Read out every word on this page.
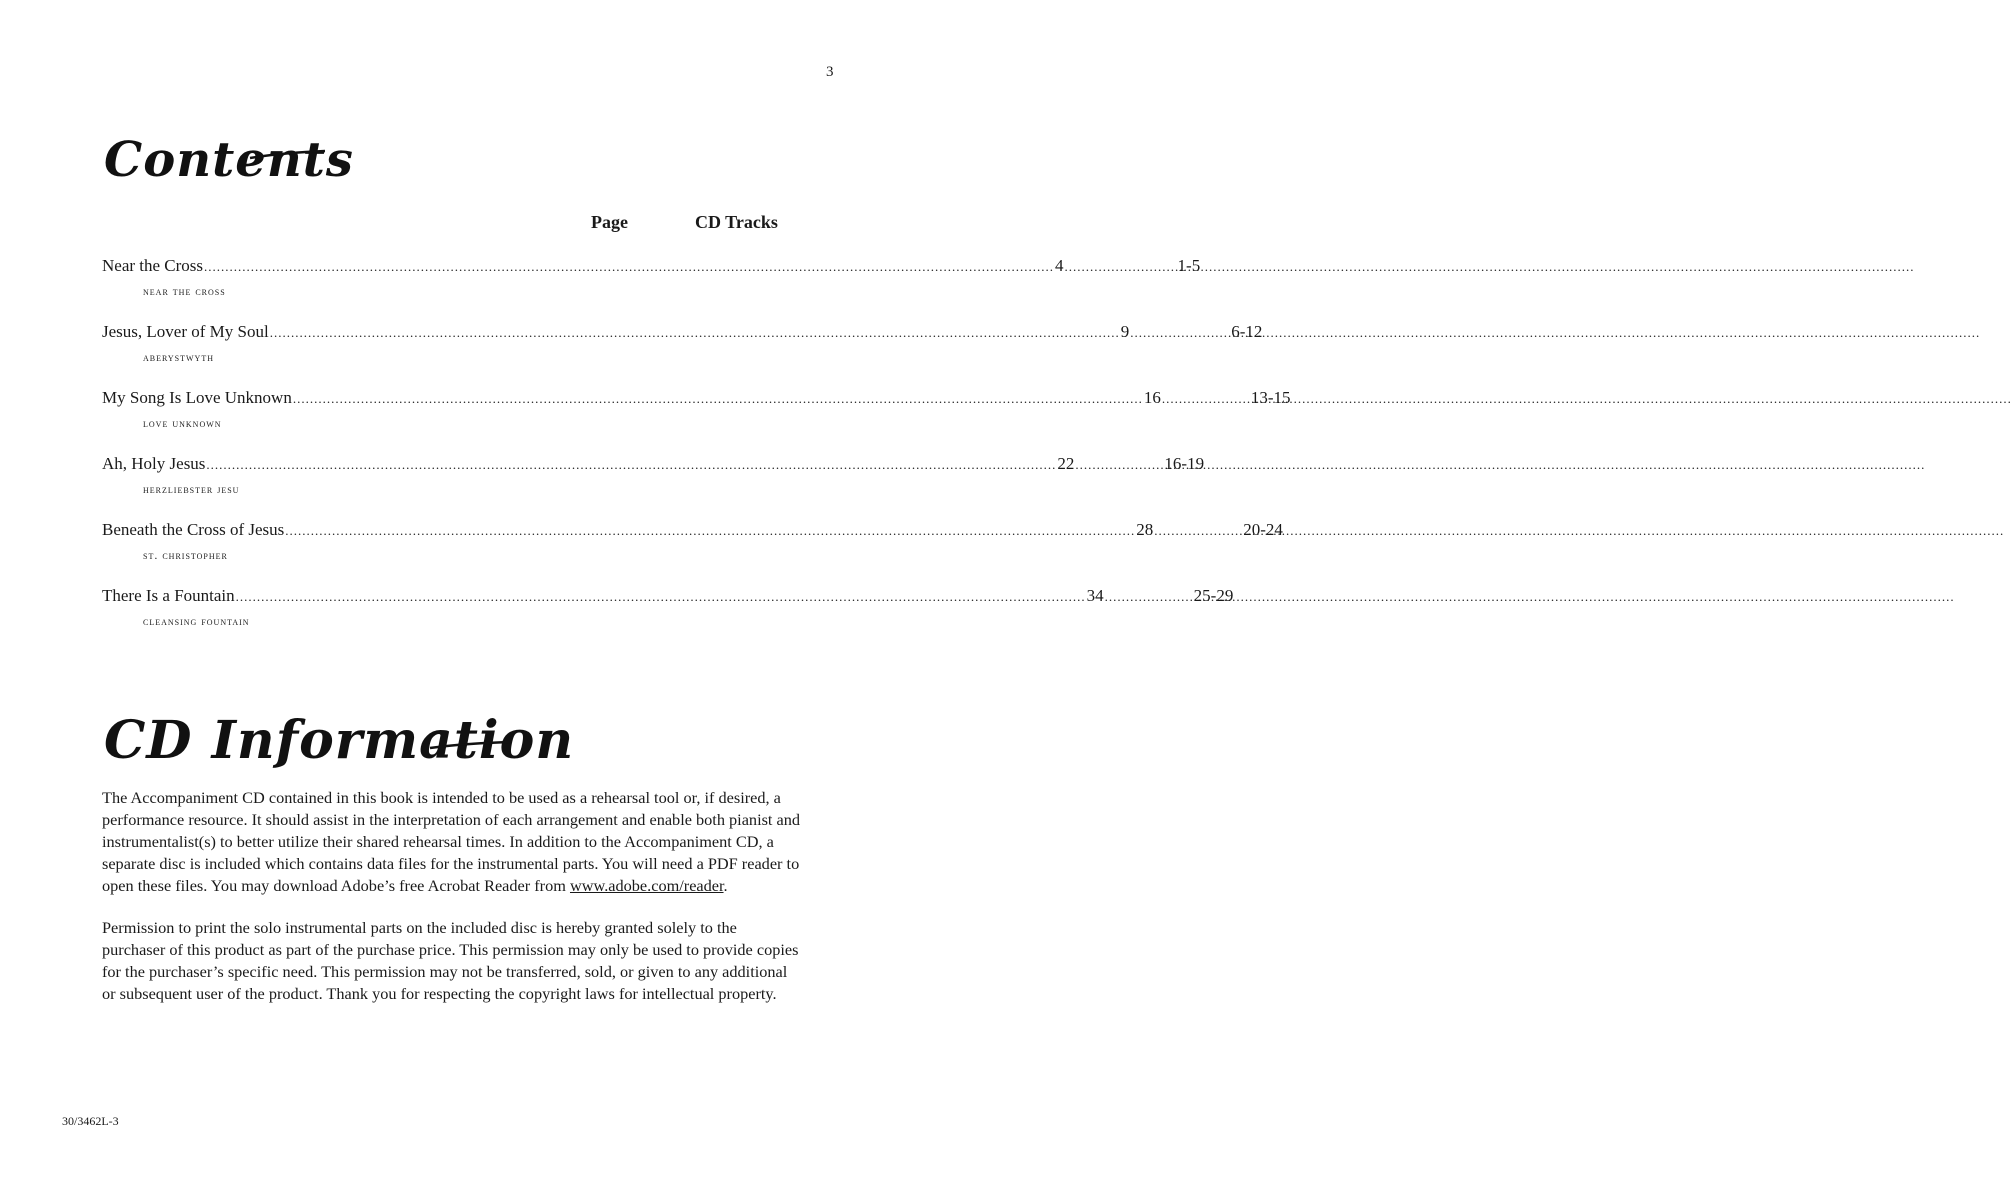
3
Contents
Page	CD Tracks
Near the Cross .....	4 .....	1-5
near the cross
Jesus, Lover of My Soul .....	9 .....	6-12
aberystwyth
My Song Is Love Unknown .....	16 .....	13-15
love unknown
Ah, Holy Jesus .....	22 .....	16-19
herzliebster jesu
Beneath the Cross of Jesus .....	28 .....	20-24
st. christopher
There Is a Fountain .....	34 .....	25-29
cleansing fountain
CD Information

The Accompaniment CD contained in this book is intended to be used as a rehearsal tool or, if desired, a performance resource. It should assist in the interpretation of each arrangement and enable both pianist and instrumentalist(s) to better utilize their shared rehearsal times. In addition to the Accompaniment CD, a separate disc is included which contains data files for the instrumental parts. You will need a PDF reader to open these files. You may download Adobe’s free Acrobat Reader from www.adobe.com/reader.

Permission to print the solo instrumental parts on the included disc is hereby granted solely to the purchaser of this product as part of the purchase price. This permission may only be used to provide copies for the purchaser’s specific need. This permission may not be transferred, sold, or given to any additional or subsequent user of the product. Thank you for respecting the copyright laws for intellectual property.

30/3462L-3
